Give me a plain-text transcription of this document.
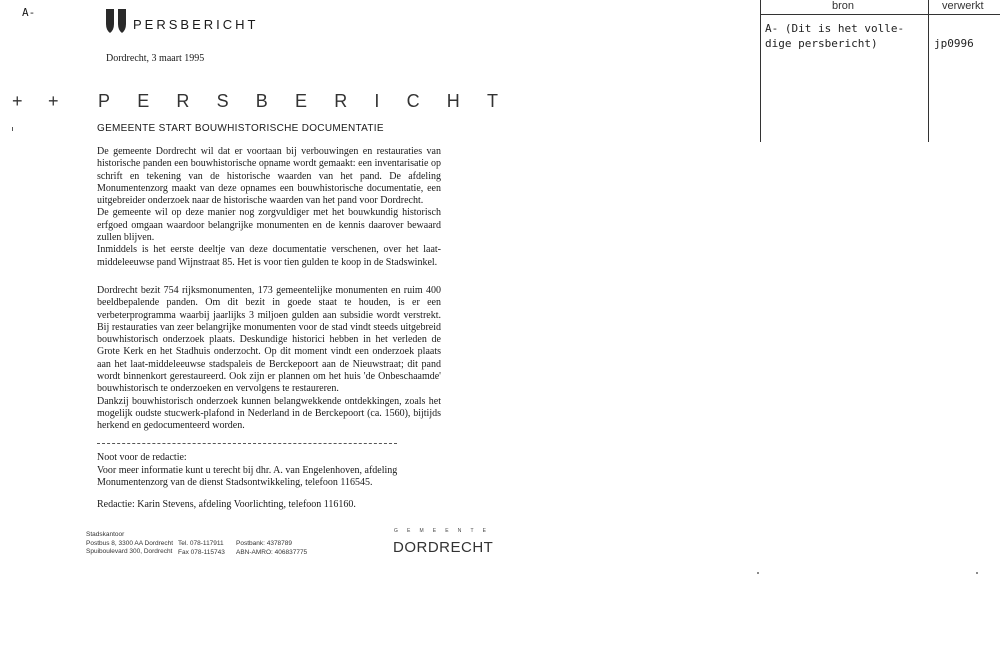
A-
PERSBERICHT
Dordrecht, 3 maart 1995
+ + P E R S B E R I C H T
GEMEENTE START BOUWHISTORISCHE DOCUMENTATIE

De gemeente Dordrecht wil dat er voortaan bij verbouwingen en restauraties van historische panden een bouwhistorische opname wordt gemaakt: een inventarisatie op schrift en tekening van de historische waarden van het pand. De afdeling Monumentenzorg maakt van deze opnames een bouwhistorische documentatie, een uitgebreider onderzoek naar de historische waarden van het pand voor Dordrecht.

De gemeente wil op deze manier nog zorgvuldiger met het bouwkundig historisch erfgoed omgaan waardoor belangrijke monumenten en de kennis daarover bewaard zullen blijven.

Inmiddels is het eerste deeltje van deze documentatie verschenen, over het laat-middeleeuwse pand Wijnstraat 85. Het is voor tien gulden te koop in de Stadswinkel.

Dordrecht bezit 754 rijksmonumenten, 173 gemeentelijke monumenten en ruim 400 beeldbepalende panden. Om dit bezit in goede staat te houden, is er een verbeterprogramma waarbij jaarlijks 3 miljoen gulden aan subsidie wordt verstrekt. Bij restauraties van zeer belangrijke monumenten voor de stad vindt steeds uitgebreid bouwhistorisch onderzoek plaats. Deskundige historici hebben in het verleden de Grote Kerk en het Stadhuis onderzocht. Op dit moment vindt een onderzoek plaats aan het laat-middeleeuwse stadspaleis de Berckepoort aan de Nieuwstraat; dit pand wordt binnenkort gerestaureerd. Ook zijn er plannen om het huis 'de Onbeschaamde' bouwhistorisch te onderzoeken en vervolgens te restaureren.

Dankzij bouwhistorisch onderzoek kunnen belangwekkende ontdekkingen, zoals het mogelijk oudste stucwerk-plafond in Nederland in de Berckepoort (ca. 1560), bijtijds herkend en gedocumenteerd worden.

Noot voor de redactie:

Voor meer informatie kunt u terecht bij dhr. A. van Engelenhoven, afdeling Monumentenzorg van de dienst Stadsontwikkeling, telefoon 116545.

Redactie: Karin Stevens, afdeling Voorlichting, telefoon 116160.
Stadskantoor
Postbus 8, 3300 AA Dordrecht
Spuiboulevard 300, Dordrecht
Tel. 078-117911
Fax 078-115743
Postbank: 4378789
ABN-AMRO: 406837775
G E M E E N T E
DORDRECHT
bron	verwerkt
A- (Dit is het volle-
dige persbericht)	jp0996
